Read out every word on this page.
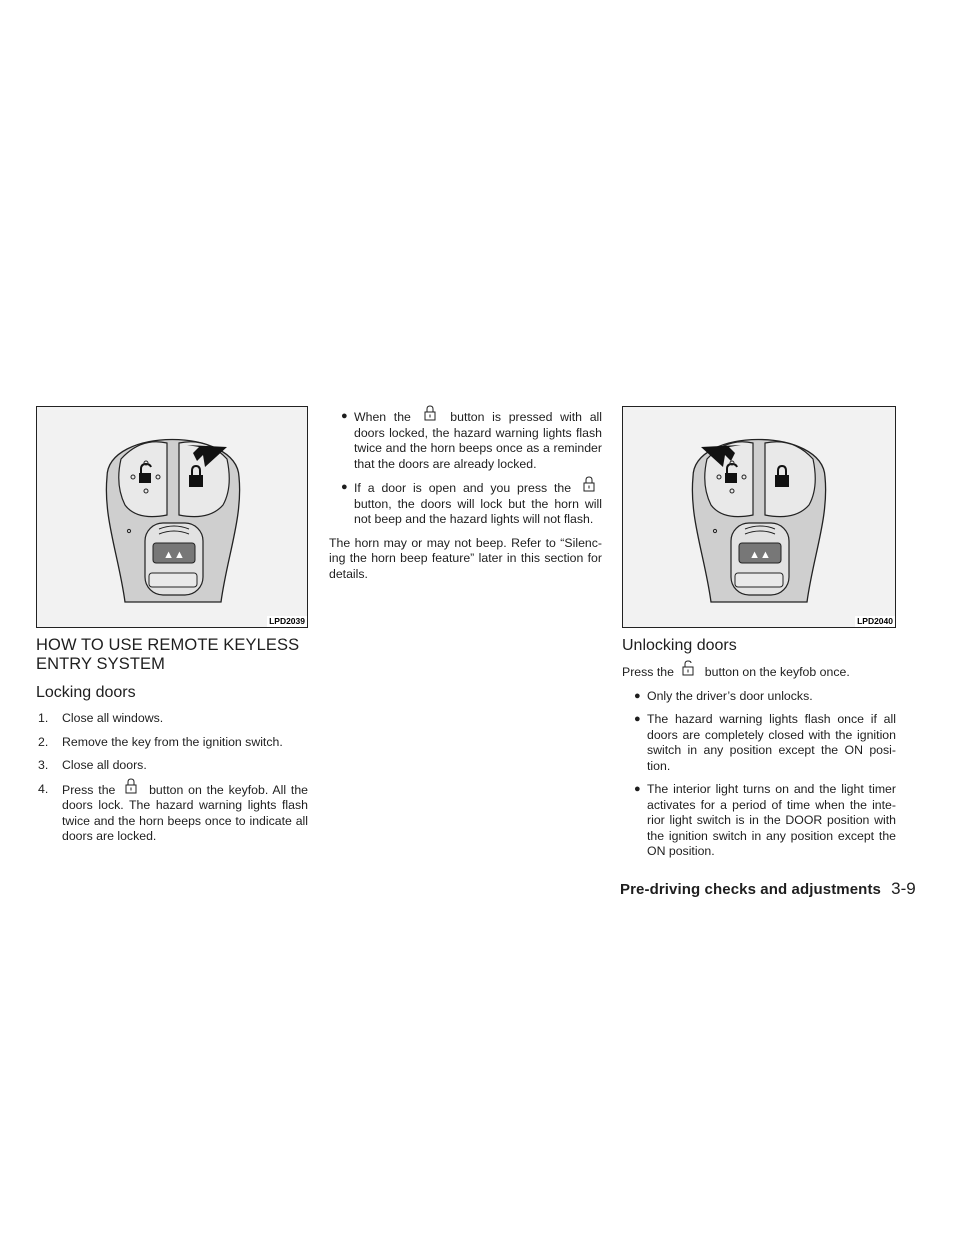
▲▲
LPD2039
▲▲
LPD2040
HOW TO USE REMOTE KEYLESS
ENTRY SYSTEM
Locking doors
1. Close all windows.
2. Remove the key from the ignition switch.
3. Close all doors.
4. Press the	button on the keyfob. All the doors lock. The hazard warning lights flash twice and the horn beeps once to indicate all doors are locked.
● When the	button is pressed with all doors locked, the hazard warning lights flash twice and the horn beeps once as a reminder that the doors are already locked.
● If a door is open and you press the
button, the doors will lock but the horn will not beep and the hazard lights will not flash.

The horn may or may not beep. Refer to “Silenc-ing the horn beep feature” later in this section for details.

Unlocking doors

Press the	button on the keyfob once.

● Only the driver’s door unlocks.
● The hazard warning lights flash once if all doors are completely closed with the ignition switch in any position except the ON posi-tion.
● The interior light turns on and the light timer activates for a period of time when the inte-rior light switch is in the DOOR position with the ignition switch in any position except the ON position.
Pre-driving checks and adjustments 3-9
